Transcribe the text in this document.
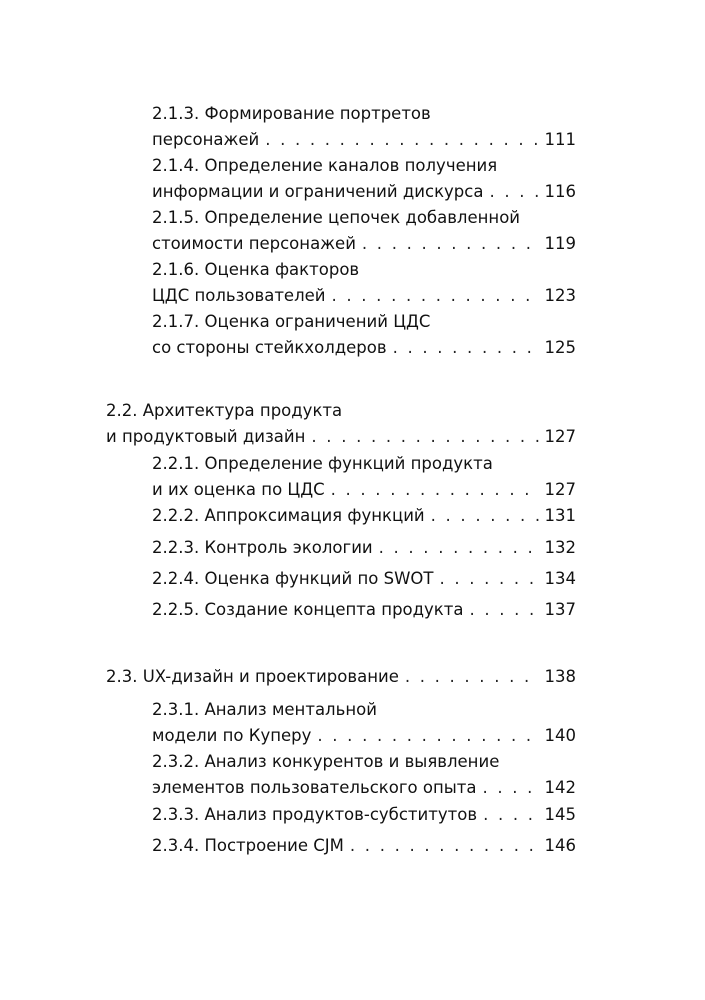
2.1.3. Формирование портретов
персонажей . . .	111
2.1.4. Определение каналов получения
информации и ограничений дискурса . . .	116
2.1.5. Определение цепочек добавленной
стоимости персонажей . . .	119
2.1.6. Оценка факторов
ЦДС пользователей . . .	123
2.1.7. Оценка ограничений ЦДС
со стороны стейкхолдеров . . .	125
2.2. Архитектура продукта
и продуктовый дизайн . . .	127
2.2.1. Определение функций продукта
и их оценка по ЦДС . . .	127
2.2.2. Аппроксимация функций . . .	131
2.2.3. Контроль экологии . . .	132
2.2.4. Оценка функций по SWOT . . .	134
2.2.5. Создание концепта продукта . . .	137
2.3. UX-дизайн и проектирование . . .	138
2.3.1. Анализ ментальной
модели по Куперу . . .	140
2.3.2. Анализ конкурентов и выявление
элементов пользовательского опыта . . .	142
2.3.3. Анализ продуктов-субститутов . . .	145
2.3.4. Построение CJM . . .	146
